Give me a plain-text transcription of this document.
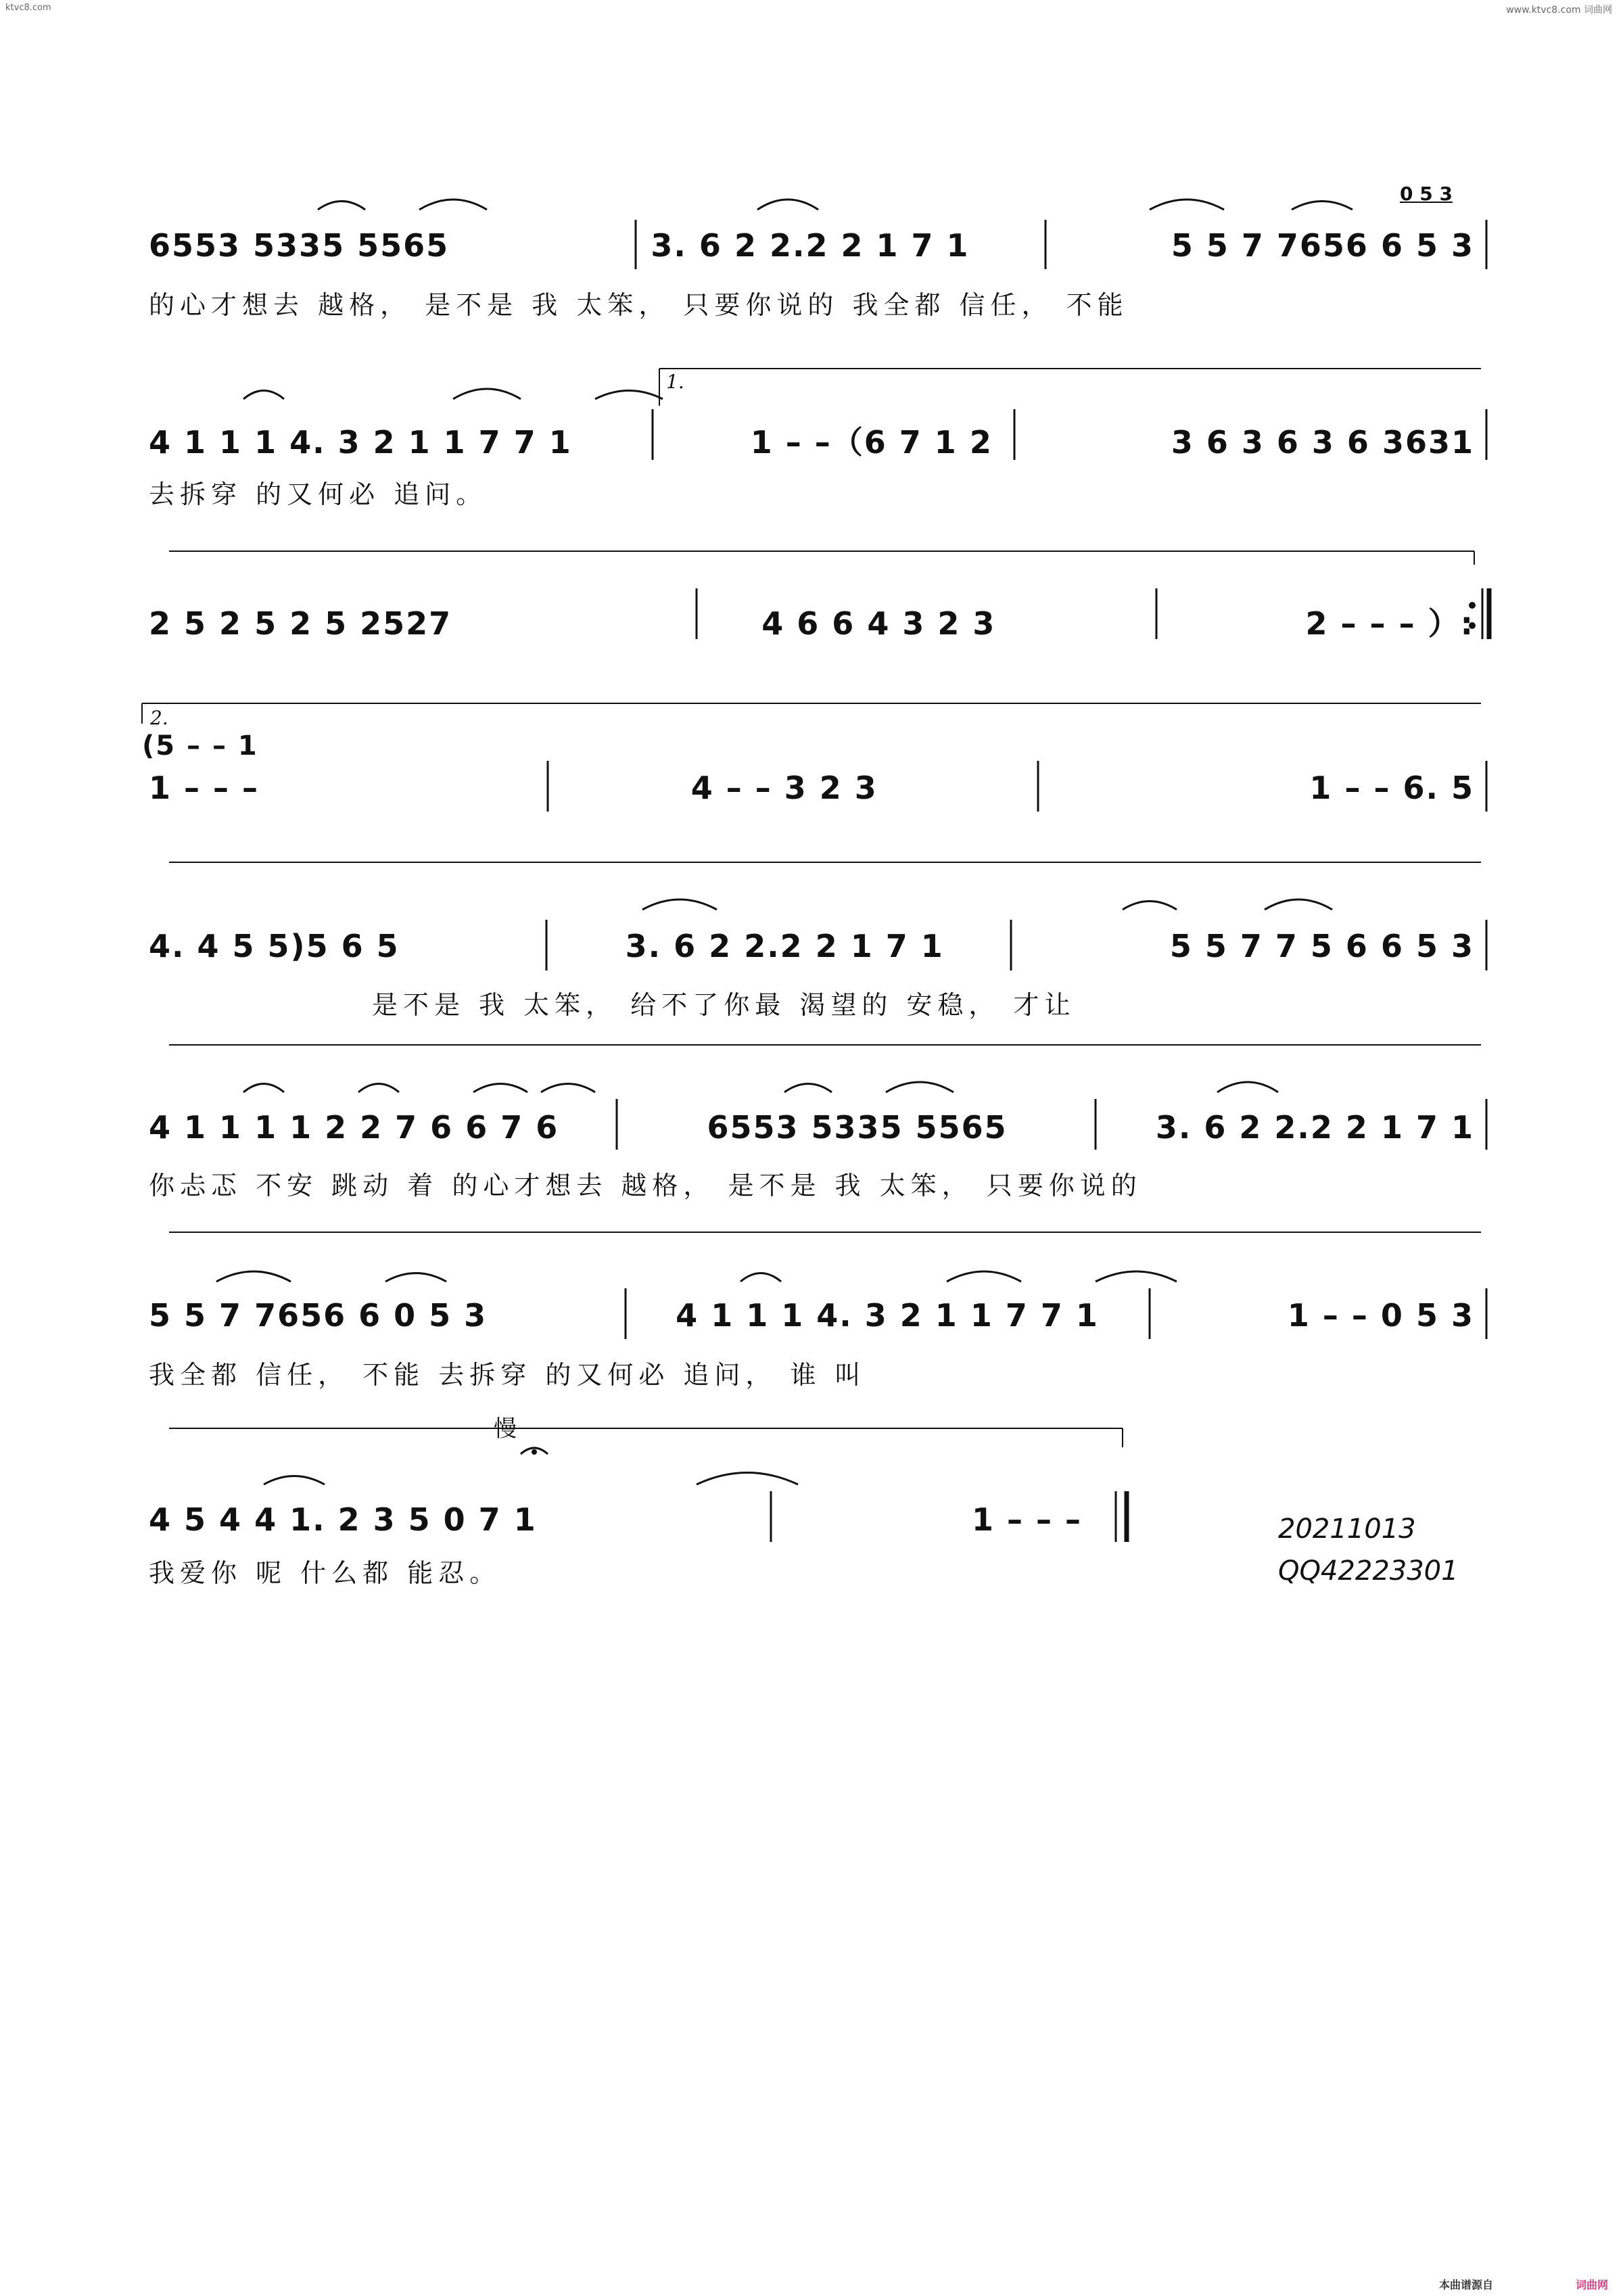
ktvc8.com	www.ktvc8.com 词曲网
0 5 3
6553 5335 5565	3. 6 2 2.2 2 1 7 1	5 5 7 7656 6 5 3
的心才想去 越格， 是不是 我 太笨， 只要你说的 我全都 信任， 不能
1.
4 1 1 1 4. 3 2 1 1 7 7 1	1 – –（6 7 1 2	3 6 3 6 3 6 3631
去拆穿 的又何必 追问。
2 5 2 5 2 5 2527	4 6 6 4 3 2 3	2 – – – ）:
2.
(5 – – 1
1 – – –	4 – – 3 2 3	1 – – 6. 5
4. 4 5 5)5 6 5	3. 6 2 2.2 2 1 7 1	5 5 7 7 5 6 6 5 3
是不是 我 太笨， 给不了你最 渴望的 安稳， 才让
4 1 1 1 1 2 2 7 6 6 7 6	6553 5335 5565	3. 6 2 2.2 2 1 7 1
你忐忑 不安 跳动 着 的心才想去 越格， 是不是 我 太笨， 只要你说的
5 5 7 7656 6 0 5 3	4 1 1 1 4. 3 2 1 1 7 7 1	1 – – 0 5 3
我全都 信任， 不能 去拆穿 的又何必 追问， 谁 叫
慢
4 5 4 4 1. 2 3 5 0 7 1	1 – – –
我爱你 呢 什么都 能忍。
20211013
QQ42223301
本曲谱源自	词曲网
